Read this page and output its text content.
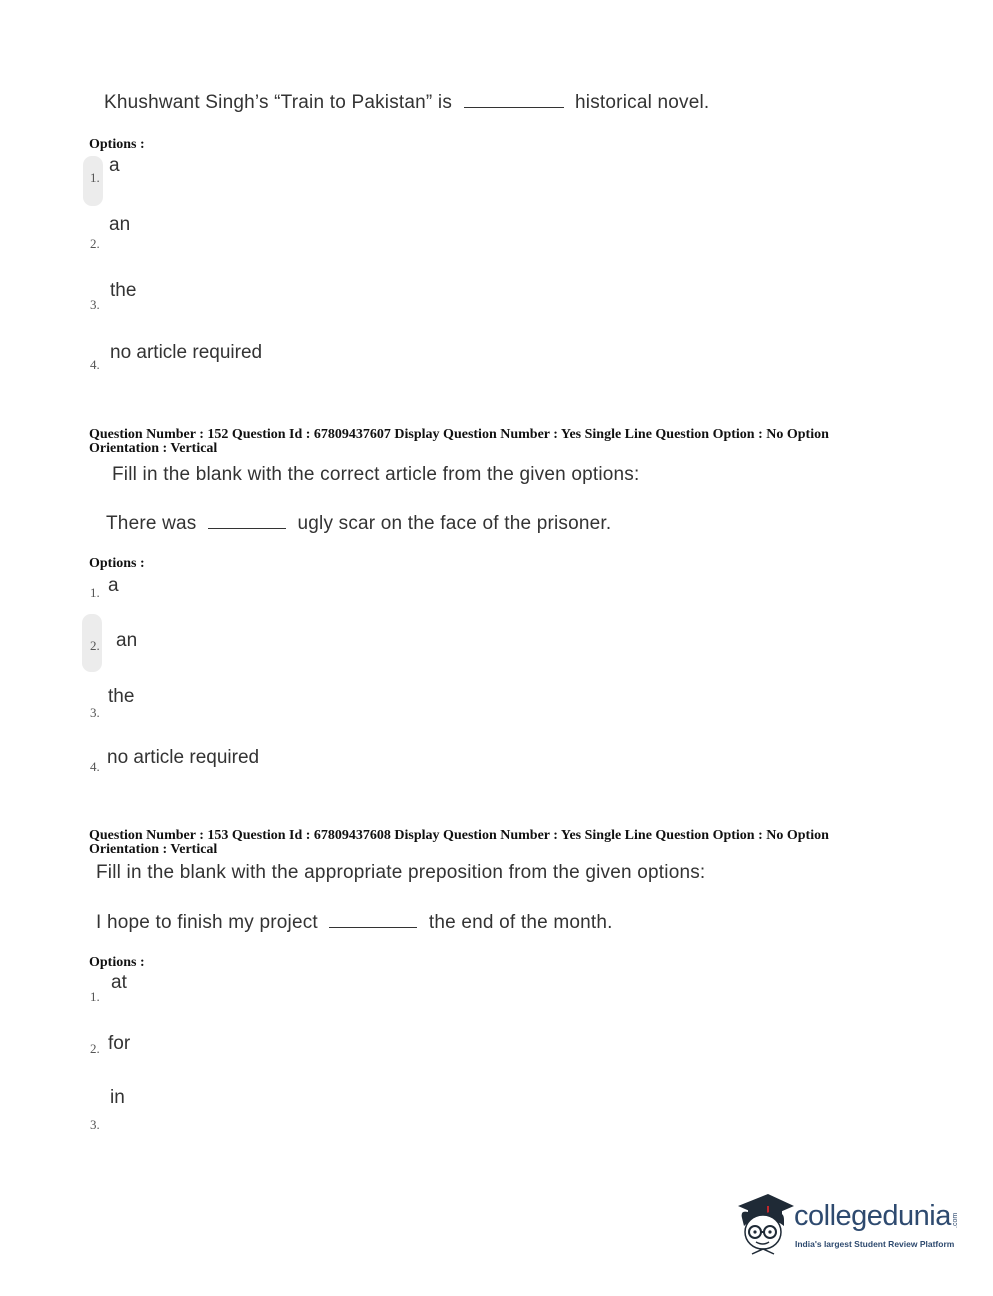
Khushwant Singh’s “Train to Pakistan” is	historical novel.
Options :
1.
a
2.
an
3.
the
4.
no article required
Question Number : 152 Question Id : 67809437607 Display Question Number : Yes Single Line Question Option : No Option
Orientation : Vertical
Fill in the blank with the correct article from the given options:
There was	ugly scar on the face of the prisoner.
Options :
1. a
2. an
3.
the
4. no article required
Question Number : 153 Question Id : 67809437608 Display Question Number : Yes Single Line Question Option : No Option
Orientation : Vertical
Fill in the blank with the appropriate preposition from the given options:
I hope to finish my project	the end of the month.
Options :
1.
at
2. for
3.
in
collegedunia .com
India's largest Student Review Platform
